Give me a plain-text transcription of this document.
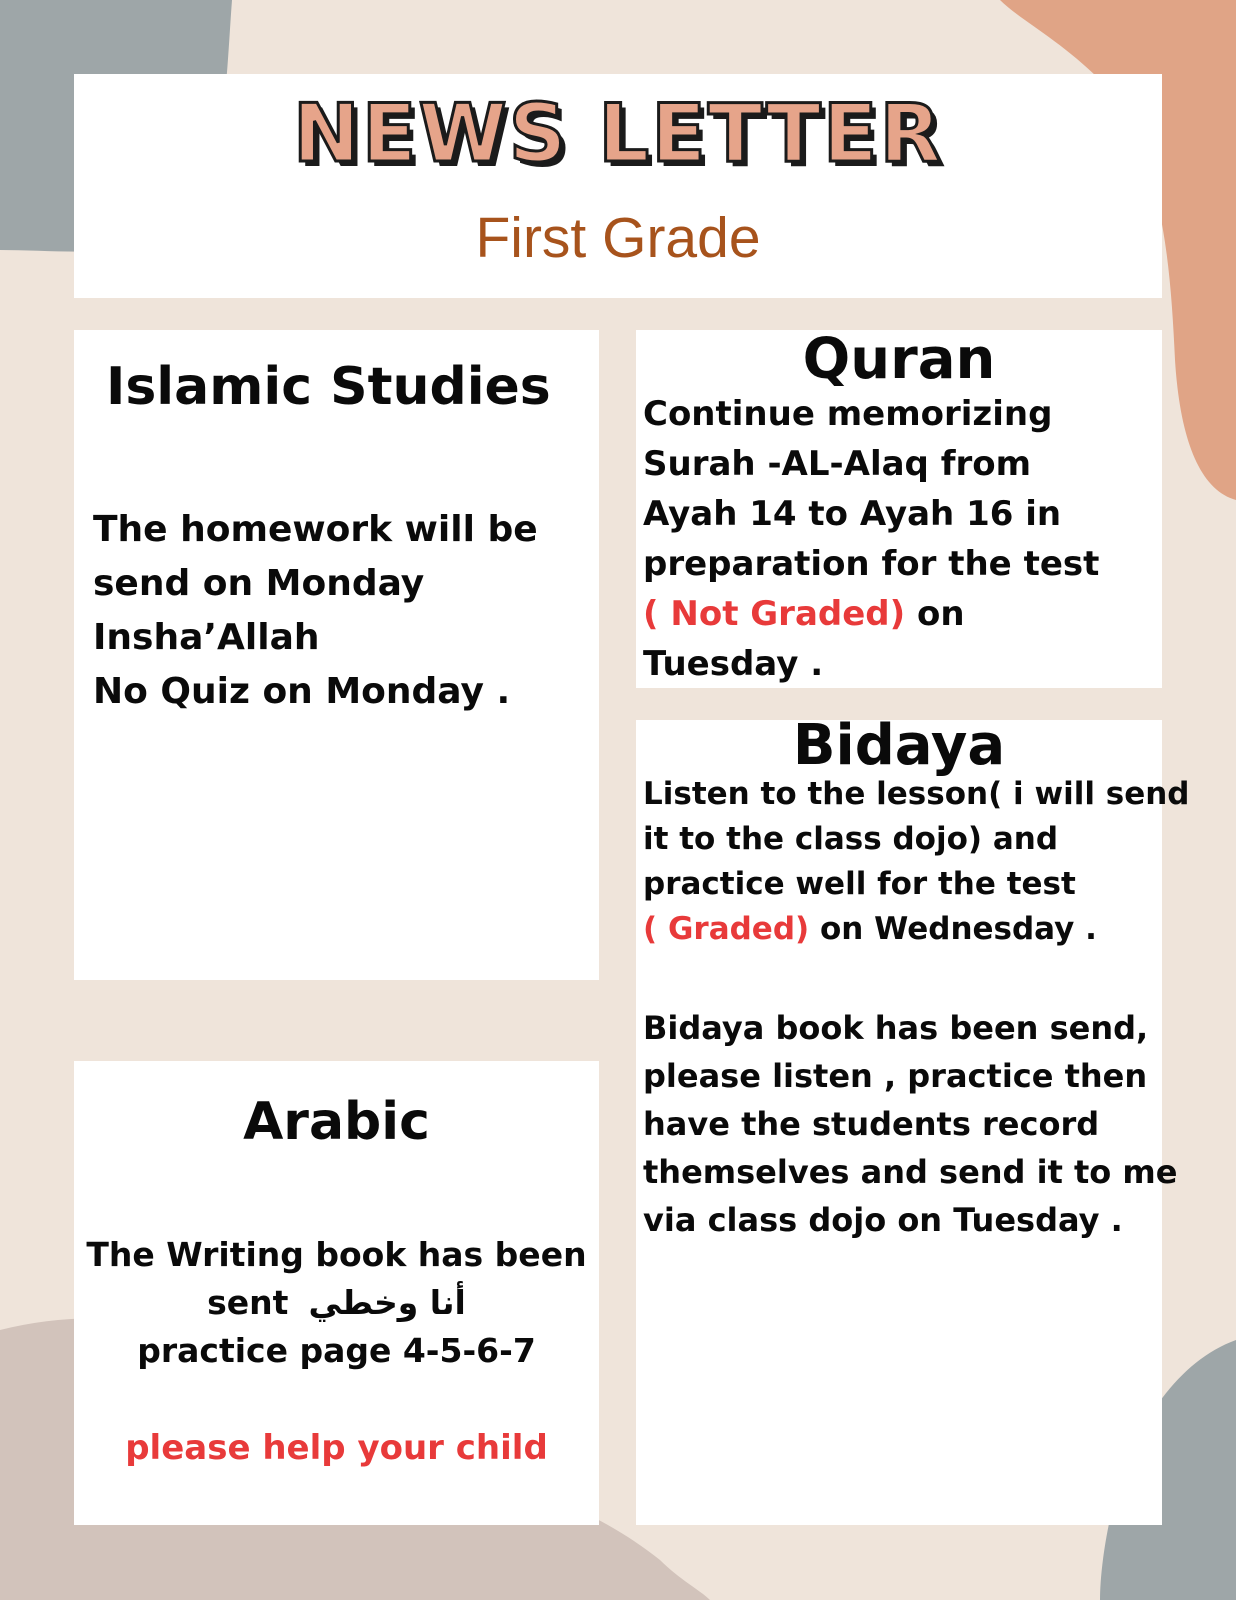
NEWS LETTER
First Grade
Islamic Studies
The homework will be
send on Monday
Insha’Allah
No Quiz on Monday .
Quran
Continue memorizing
Surah -AL-Alaq from
Ayah 14 to Ayah 16 in
preparation for the test
( Not Graded) on
Tuesday .
Bidaya
Listen to the lesson( i will send
it to the class dojo) and
practice well for the test
( Graded) on Wednesday .
Bidaya book has been send,
please listen , practice then
have the students record
themselves and send it to me
via class dojo on Tuesday .
Arabic
The Writing book has been
sent أنا وخطي
practice page 4-5-6-7
please help your child
